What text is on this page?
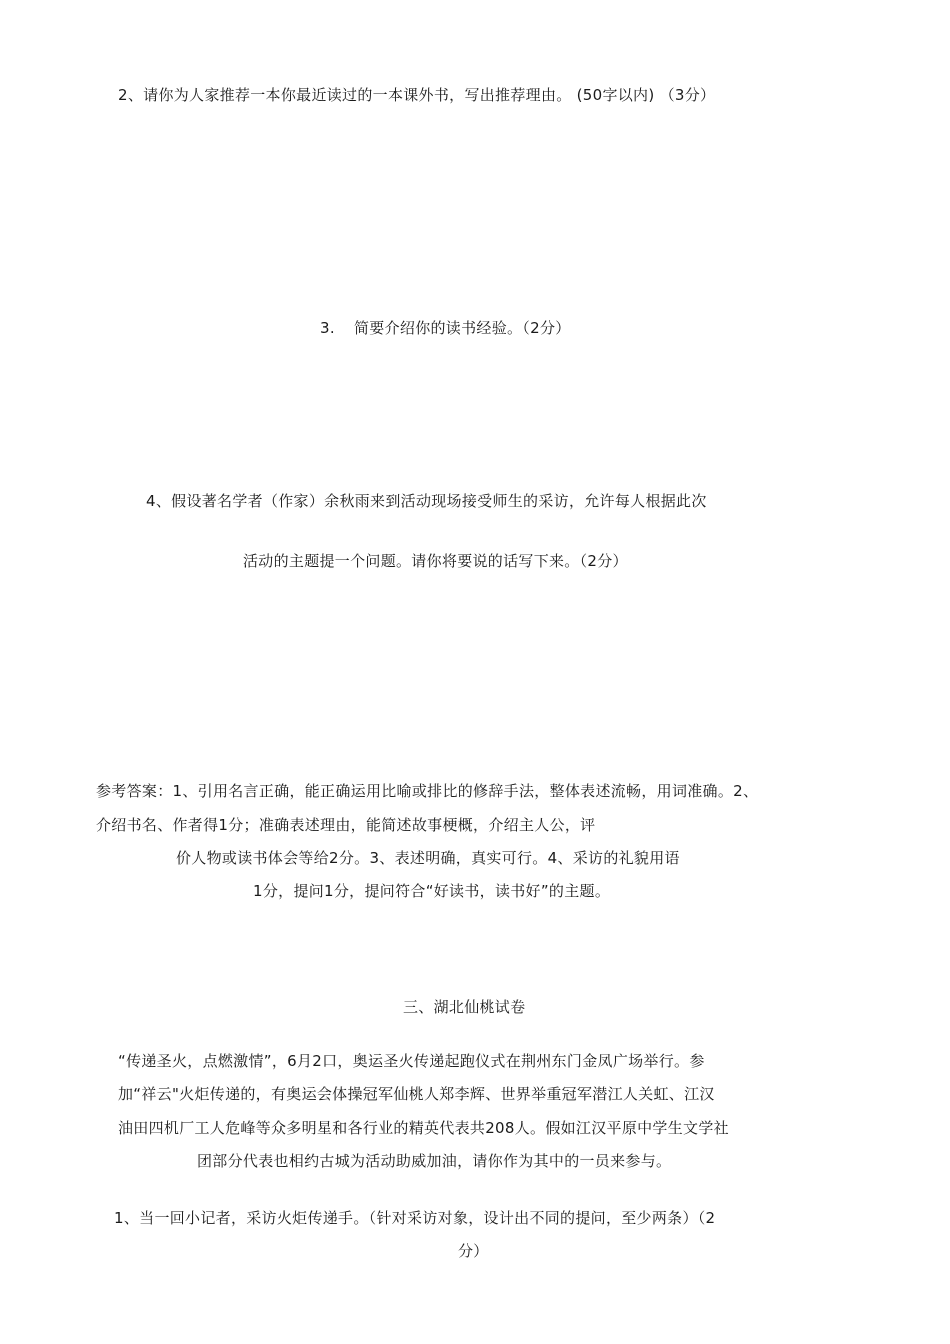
2、请你为人家推荐一本你最近读过的一本课外书，写出推荐理由。 (50字以内) （3分）
3. 简要介绍你的读书经验。（2分）
4、假设著名学者（作家）余秋雨来到活动现场接受师生的采访，允许每人根据此次
活动的主题提一个问题。请你将要说的话写下来。（2分）
参考答案：1、引用名言正确，能正确运用比喻或排比的修辞手法，整体表述流畅，用词准确。2、
介绍书名、作者得1分；准确表述理由，能简述故事梗概，介绍主人公，评
价人物或读书体会等给2分。3、表述明确，真实可行。4、采访的礼貌用语
1分，提问1分，提问符合“好读书，读书好”的主题。
三、湖北仙桃试卷
“传递圣火，点燃激情”，6月2口，奥运圣火传递起跑仪式在荆州东门金凤广场举行。参
加“祥云"火炬传递的，有奥运会体操冠军仙桃人郑李辉、世界举重冠军潜江人关虹、江汉
油田四机厂工人危峰等众多明星和各行业的精英代表共208人。假如江汉平原中学生文学社
团部分代表也相约古城为活动助威加油，请你作为其中的一员来参与。
1、当一回小记者，采访火炬传递手。（针对采访对象，设计出不同的提问，至少两条）（2
分）
